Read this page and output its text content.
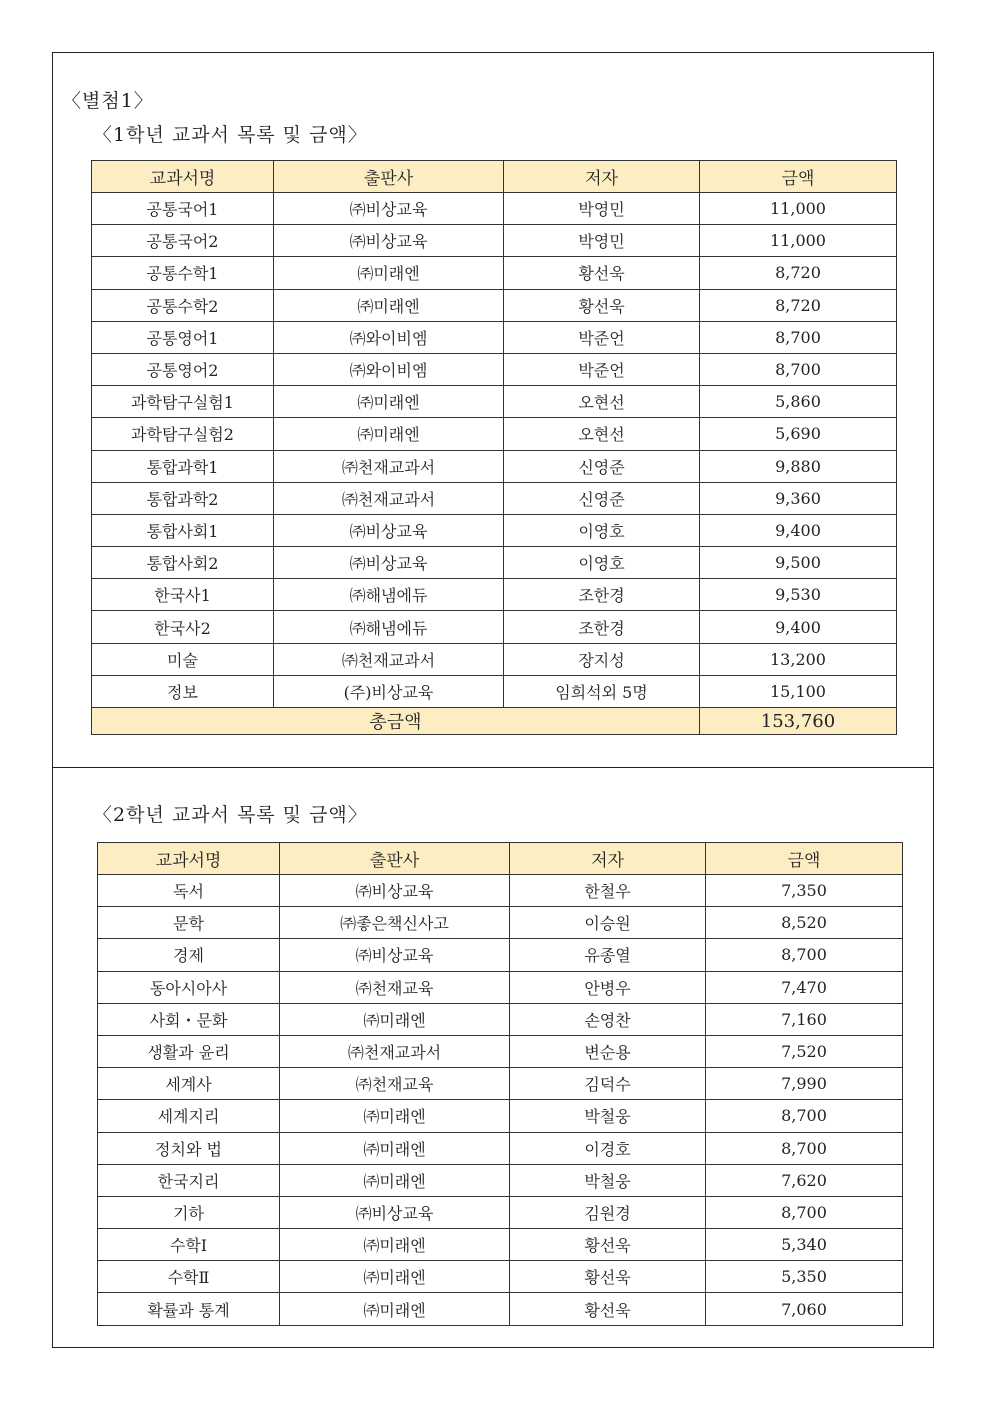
〈별첨1〉
〈1학년 교과서 목록 및 금액〉
교과서명	출판사	저자	금액
공통국어1	㈜비상교육	박영민	11,000
공통국어2	㈜비상교육	박영민	11,000
공통수학1	㈜미래엔	황선욱	8,720
공통수학2	㈜미래엔	황선욱	8,720
공통영어1	㈜와이비엠	박준언	8,700
공통영어2	㈜와이비엠	박준언	8,700
과학탐구실험1	㈜미래엔	오현선	5,860
과학탐구실험2	㈜미래엔	오현선	5,690
통합과학1	㈜천재교과서	신영준	9,880
통합과학2	㈜천재교과서	신영준	9,360
통합사회1	㈜비상교육	이영호	9,400
통합사회2	㈜비상교육	이영호	9,500
한국사1	㈜해냄에듀	조한경	9,530
한국사2	㈜해냄에듀	조한경	9,400
미술	㈜천재교과서	장지성	13,200
정보	(주)비상교육	임희석외 5명	15,100
총금액			153,760
〈2학년 교과서 목록 및 금액〉
교과서명	출판사	저자	금액
독서	㈜비상교육	한철우	7,350
문학	㈜좋은책신사고	이승원	8,520
경제	㈜비상교육	유종열	8,700
동아시아사	㈜천재교육	안병우	7,470
사회・문화	㈜미래엔	손영찬	7,160
생활과 윤리	㈜천재교과서	변순용	7,520
세계사	㈜천재교육	김덕수	7,990
세계지리	㈜미래엔	박철웅	8,700
정치와 법	㈜미래엔	이경호	8,700
한국지리	㈜미래엔	박철웅	7,620
기하	㈜비상교육	김원경	8,700
수학Ⅰ	㈜미래엔	황선욱	5,340
수학Ⅱ	㈜미래엔	황선욱	5,350
확률과 통계	㈜미래엔	황선욱	7,060
